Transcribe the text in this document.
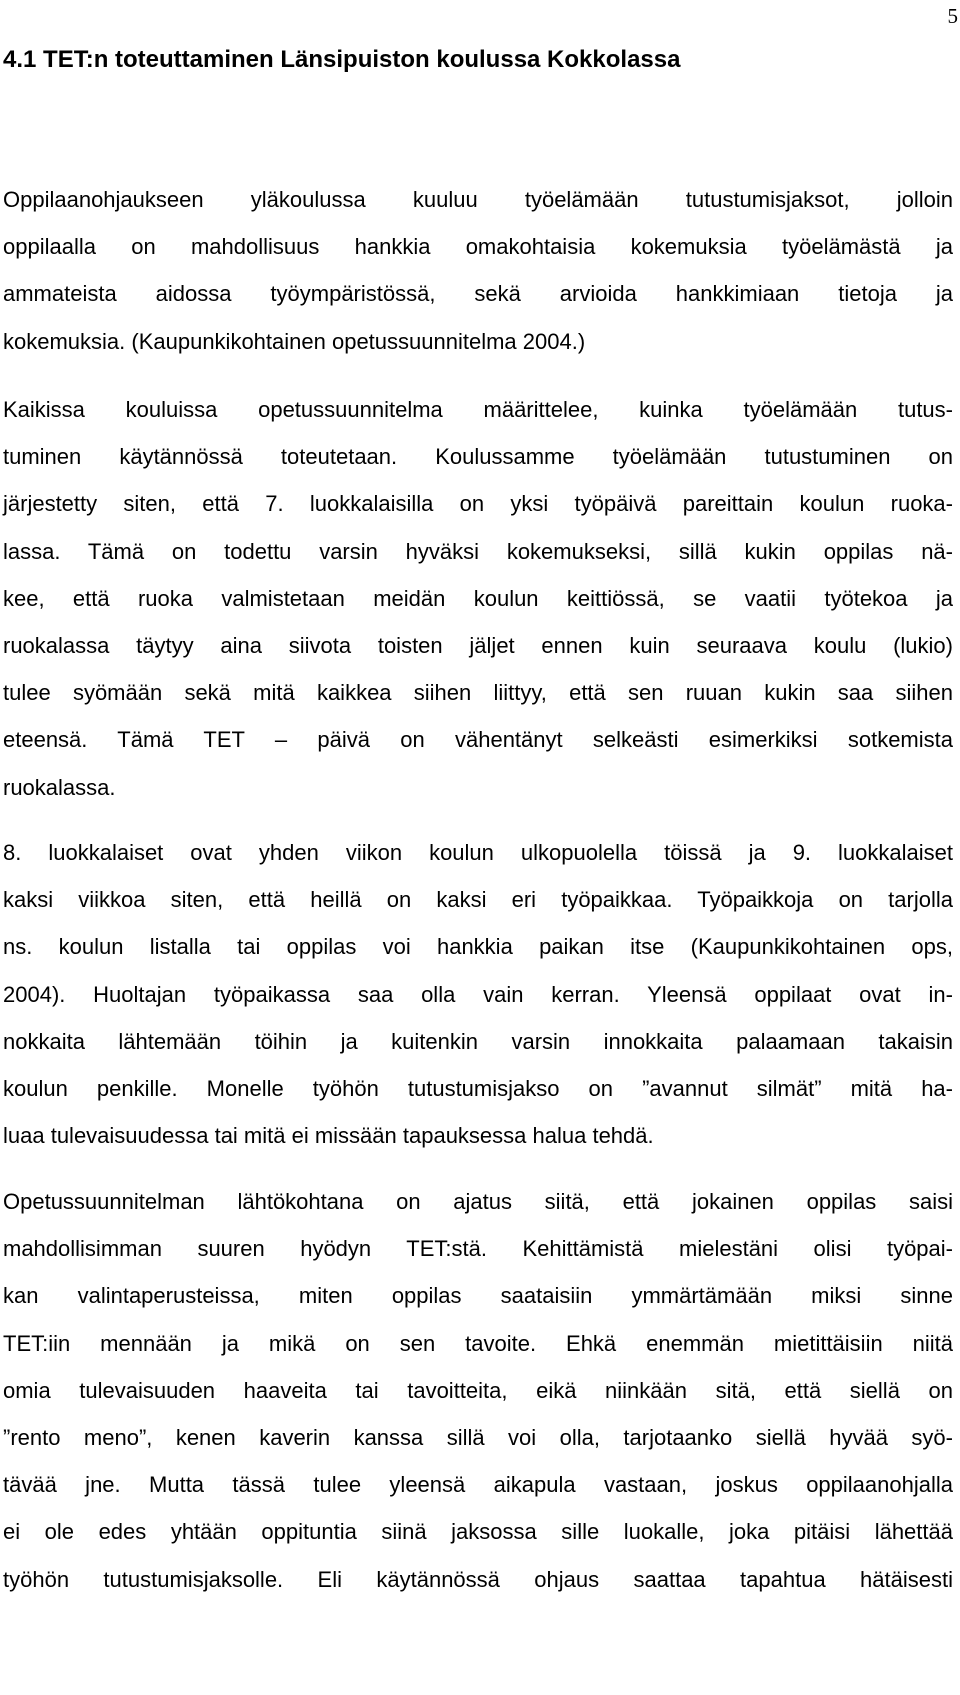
5
4.1 TET:n toteuttaminen Länsipuiston koulussa Kokkolassa
Oppilaanohjaukseen yläkoulussa kuuluu työelämään tutustumisjaksot, jolloin
oppilaalla on mahdollisuus hankkia omakohtaisia kokemuksia työelämästä ja
ammateista aidossa työympäristössä, sekä arvioida hankkimiaan tietoja ja
kokemuksia. (Kaupunkikohtainen opetussuunnitelma 2004.)
Kaikissa kouluissa opetussuunnitelma määrittelee, kuinka työelämään tutus-
tuminen käytännössä toteutetaan. Koulussamme työelämään tutustuminen on
järjestetty siten, että 7. luokkalaisilla on yksi työpäivä pareittain koulun ruoka-
lassa. Tämä on todettu varsin hyväksi kokemukseksi, sillä kukin oppilas nä-
kee, että ruoka valmistetaan meidän koulun keittiössä, se vaatii työtekoa ja
ruokalassa täytyy aina siivota toisten jäljet ennen kuin seuraava koulu (lukio)
tulee syömään sekä mitä kaikkea siihen liittyy, että sen ruuan kukin saa siihen
eteensä. Tämä TET – päivä on vähentänyt selkeästi esimerkiksi sotkemista
ruokalassa.
8. luokkalaiset ovat yhden viikon koulun ulkopuolella töissä ja 9. luokkalaiset
kaksi viikkoa siten, että heillä on kaksi eri työpaikkaa. Työpaikkoja on tarjolla
ns. koulun listalla tai oppilas voi hankkia paikan itse (Kaupunkikohtainen ops,
2004). Huoltajan työpaikassa saa olla vain kerran. Yleensä oppilaat ovat in-
nokkaita lähtemään töihin ja kuitenkin varsin innokkaita palaamaan takaisin
koulun penkille. Monelle työhön tutustumisjakso on ”avannut silmät” mitä ha-
luaa tulevaisuudessa tai mitä ei missään tapauksessa halua tehdä.
Opetussuunnitelman lähtökohtana on ajatus siitä, että jokainen oppilas saisi
mahdollisimman suuren hyödyn TET:stä. Kehittämistä mielestäni olisi työpai-
kan valintaperusteissa, miten oppilas saataisiin ymmärtämään miksi sinne
TET:iin mennään ja mikä on sen tavoite. Ehkä enemmän mietittäisiin niitä
omia tulevaisuuden haaveita tai tavoitteita, eikä niinkään sitä, että siellä on
”rento meno”, kenen kaverin kanssa sillä voi olla, tarjotaanko siellä hyvää syö-
tävää jne. Mutta tässä tulee yleensä aikapula vastaan, joskus oppilaanohjalla
ei ole edes yhtään oppituntia siinä jaksossa sille luokalle, joka pitäisi lähettää
työhön tutustumisjaksolle. Eli käytännössä ohjaus saattaa tapahtua hätäisesti
